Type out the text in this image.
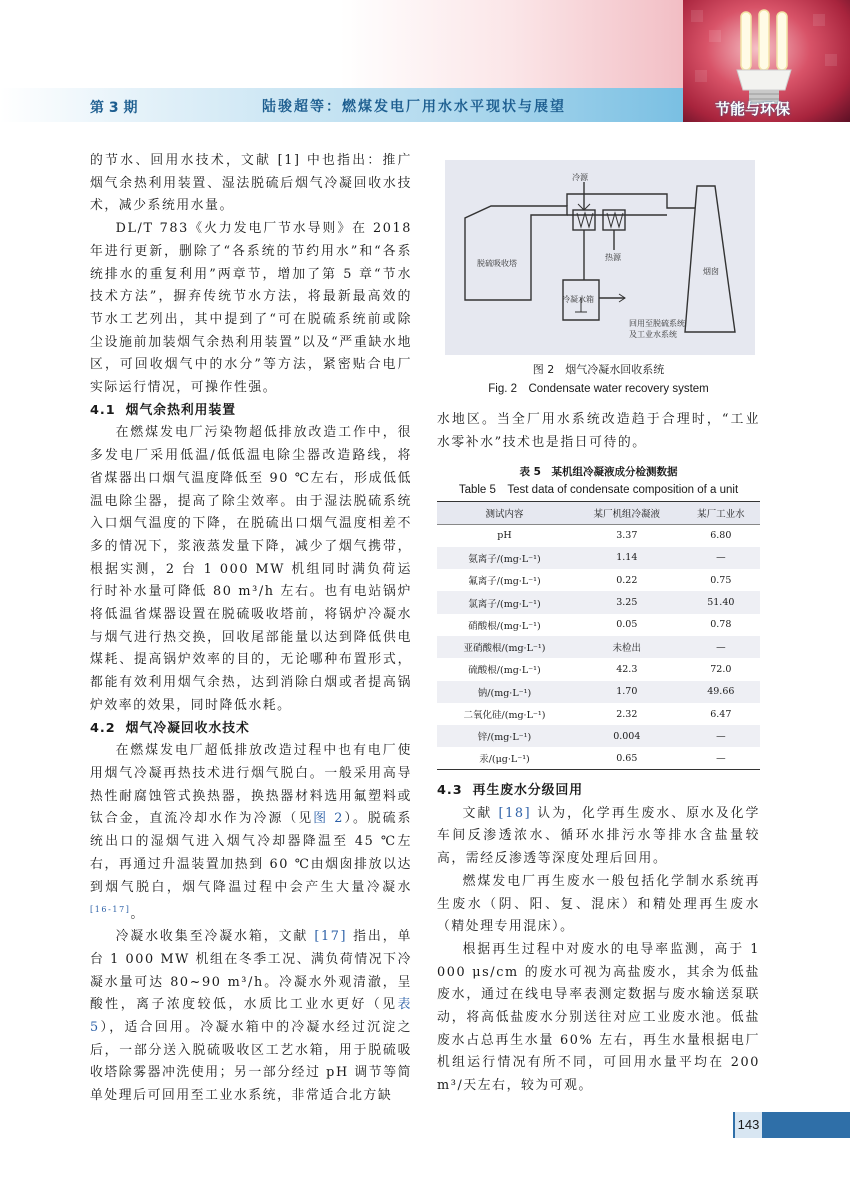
第 3 期	陆骏超等：燃煤发电厂用水水平现状与展望	节能与环保

的节水、回用水技术，文献 [1] 中也指出：推广烟气余热利用装置、湿法脱硫后烟气冷凝回收水技术，减少系统用水量。

DL/T 783《火力发电厂节水导则》在 2018 年进行更新，删除了“各系统的节约用水”和“各系统排水的重复利用”两章节，增加了第 5 章“节水技术方法”，摒弃传统节水方法，将最新最高效的节水工艺列出，其中提到了“可在脱硫系统前或除尘设施前加装烟气余热利用装置”以及“严重缺水地区，可回收烟气中的水分”等方法，紧密贴合电厂实际运行情况，可操作性强。

4.1 烟气余热利用装置

在燃煤发电厂污染物超低排放改造工作中，很多发电厂采用低温/低低温电除尘器改造路线，将省煤器出口烟气温度降低至 90 ℃左右，形成低低温电除尘器，提高了除尘效率。由于湿法脱硫系统入口烟气温度的下降，在脱硫出口烟气温度相差不多的情况下，浆液蒸发量下降，减少了烟气携带，根据实测，2 台 1 000 MW 机组同时满负荷运行时补水量可降低 80 m³/h 左右。也有电站锅炉将低温省煤器设置在脱硫吸收塔前，将锅炉冷凝水与烟气进行热交换，回收尾部能量以达到降低供电煤耗、提高锅炉效率的目的，无论哪种布置形式，都能有效利用烟气余热，达到消除白烟或者提高锅炉效率的效果，同时降低水耗。

4.2 烟气冷凝回收水技术

在燃煤发电厂超低排放改造过程中也有电厂使用烟气冷凝再热技术进行烟气脱白。一般采用高导热性耐腐蚀管式换热器，换热器材料选用氟塑料或钛合金，直流冷却水作为冷源（见图 2）。脱硫系统出口的湿烟气进入烟气冷却器降温至 45 ℃左右，再通过升温装置加热到 60 ℃由烟囱排放以达到烟气脱白，烟气降温过程中会产生大量冷凝水[16-17]。

冷凝水收集至冷凝水箱，文献 [17] 指出，单台 1 000 MW 机组在冬季工况、满负荷情况下冷凝水量可达 80~90 m³/h。冷凝水外观清澈，呈酸性，离子浓度较低，水质比工业水更好（见表 5），适合回用。冷凝水箱中的冷凝水经过沉淀之后，一部分送入脱硫吸收区工艺水箱，用于脱硫吸收塔除雾器冲洗使用；另一部分经过 pH 调节等简单处理后可回用至工业水系统，非常适合北方缺

冷源
热源
脱硫吸收塔
烟囱
冷凝水箱
回用至脱硫系统及工业水系统
图 2　烟气冷凝水回收系统
Fig. 2　Condensate water recovery system

水地区。当全厂用水系统改造趋于合理时，“工业水零补水”技术也是指日可待的。

表 5　某机组冷凝液成分检测数据
Table 5　Test data of condensate composition of a unit
测试内容	某厂机组冷凝液	某厂工业水
pH	3.37	6.80
氨离子/(mg·L⁻¹)	1.14	—
氟离子/(mg·L⁻¹)	0.22	0.75
氯离子/(mg·L⁻¹)	3.25	51.40
硝酸根/(mg·L⁻¹)	0.05	0.78
亚硝酸根/(mg·L⁻¹)	未检出	—
硫酸根/(mg·L⁻¹)	42.3	72.0
钠/(mg·L⁻¹)	1.70	49.66
二氧化硅/(mg·L⁻¹)	2.32	6.47
锌/(mg·L⁻¹)	0.004	—
汞/(μg·L⁻¹)	0.65	—
4.3 再生废水分级回用

文献 [18] 认为，化学再生废水、原水及化学车间反渗透浓水、循环水排污水等排水含盐量较高，需经反渗透等深度处理后回用。

燃煤发电厂再生废水一般包括化学制水系统再生废水（阴、阳、复、混床）和精处理再生废水（精处理专用混床）。

根据再生过程中对废水的电导率监测，高于 1 000 μs/cm 的废水可视为高盐废水，其余为低盐废水，通过在线电导率表测定数据与废水输送泵联动，将高低盐废水分别送往对应工业废水池。低盐废水占总再生水量 60% 左右，再生水量根据电厂机组运行情况有所不同，可回用水量平均在 200 m³/天左右，较为可观。

143
